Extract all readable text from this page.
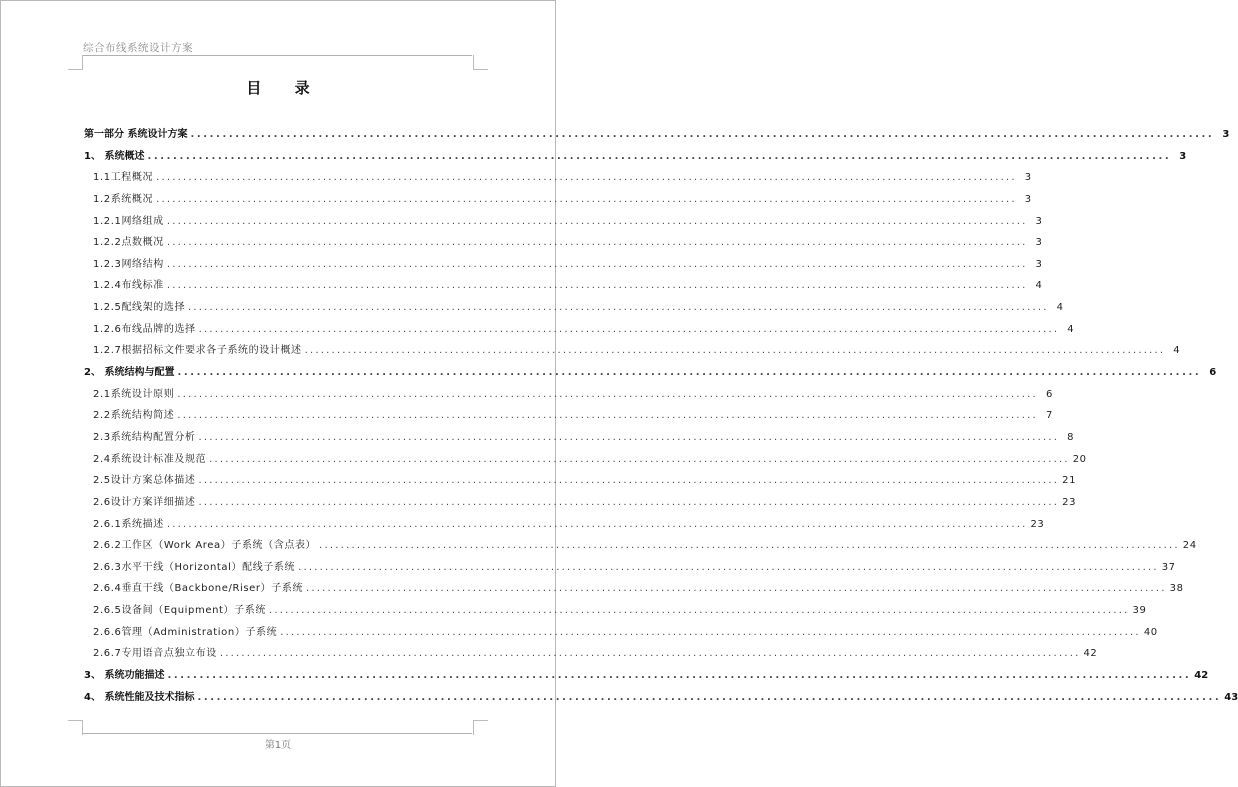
综合布线系统设计方案
目 录
第一部分 系统设计方案 ................................................................................................................................................................ 3
1、 系统概述 ................................................................................................................................................................ 3
1.1工程概况 ................................................................................................................................................................ 3
1.2系统概况 ................................................................................................................................................................ 3
1.2.1网络组成 ................................................................................................................................................................ 3
1.2.2点数概况 ................................................................................................................................................................ 3
1.2.3网络结构 ................................................................................................................................................................ 3
1.2.4布线标准 ................................................................................................................................................................ 4
1.2.5配线架的选择 ................................................................................................................................................................ 4
1.2.6布线品牌的选择 ................................................................................................................................................................ 4
1.2.7根据招标文件要求各子系统的设计概述 ................................................................................................................................................................ 4
2、 系统结构与配置 ................................................................................................................................................................ 6
2.1系统设计原则 ................................................................................................................................................................ 6
2.2系统结构简述 ................................................................................................................................................................ 7
2.3系统结构配置分析 ................................................................................................................................................................ 8
2.4系统设计标准及规范 ................................................................................................................................................................ 20
2.5设计方案总体描述 ................................................................................................................................................................ 21
2.6设计方案详细描述 ................................................................................................................................................................ 23
2.6.1系统描述 ................................................................................................................................................................ 23
2.6.2工作区（Work Area）子系统（含点表） ................................................................................................................................................................ 24
2.6.3水平干线（Horizontal）配线子系统 ................................................................................................................................................................ 37
2.6.4垂直干线（Backbone/Riser）子系统 ................................................................................................................................................................ 38
2.6.5设备间（Equipment）子系统 ................................................................................................................................................................ 39
2.6.6管理（Administration）子系统 ................................................................................................................................................................ 40
2.6.7专用语音点独立布设 ................................................................................................................................................................ 42
3、 系统功能描述 ................................................................................................................................................................ 42
4、 系统性能及技术指标 ................................................................................................................................................................ 43
第1页
